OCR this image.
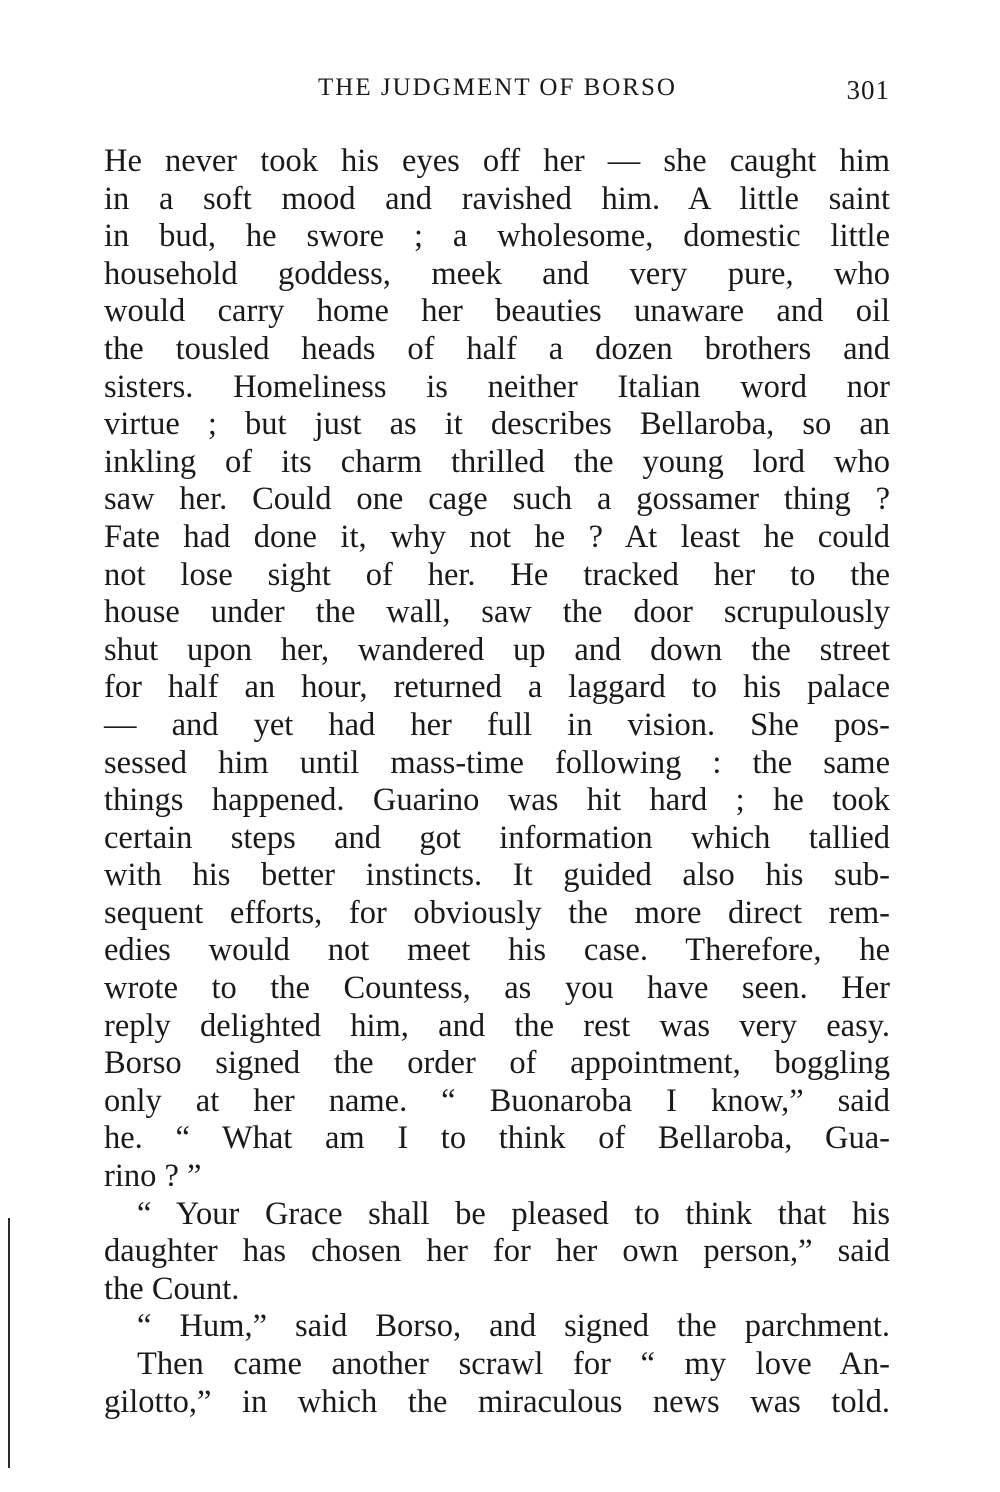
THE JUDGMENT OF BORSO	301
He never took his eyes off her — she caught him
in a soft mood and ravished him. A little saint
in bud, he swore ; a wholesome, domestic little
household goddess, meek and very pure, who
would carry home her beauties unaware and oil
the tousled heads of half a dozen brothers and
sisters. Homeliness is neither Italian word nor
virtue ; but just as it describes Bellaroba, so an
inkling of its charm thrilled the young lord who
saw her. Could one cage such a gossamer thing ?
Fate had done it, why not he ? At least he could
not lose sight of her. He tracked her to the
house under the wall, saw the door scrupulously
shut upon her, wandered up and down the street
for half an hour, returned a laggard to his palace
— and yet had her full in vision. She pos-
sessed him until mass-time following : the same
things happened. Guarino was hit hard ; he took
certain steps and got information which tallied
with his better instincts. It guided also his sub-
sequent efforts, for obviously the more direct rem-
edies would not meet his case. Therefore, he
wrote to the Countess, as you have seen. Her
reply delighted him, and the rest was very easy.
Borso signed the order of appointment, boggling
only at her name. “ Buonaroba I know,” said
he. “ What am I to think of Bellaroba, Gua-
rino ? ”
“ Your Grace shall be pleased to think that his
daughter has chosen her for her own person,” said
the Count.
“ Hum,” said Borso, and signed the parchment.
Then came another scrawl for “ my love An-
gilotto,” in which the miraculous news was told.
